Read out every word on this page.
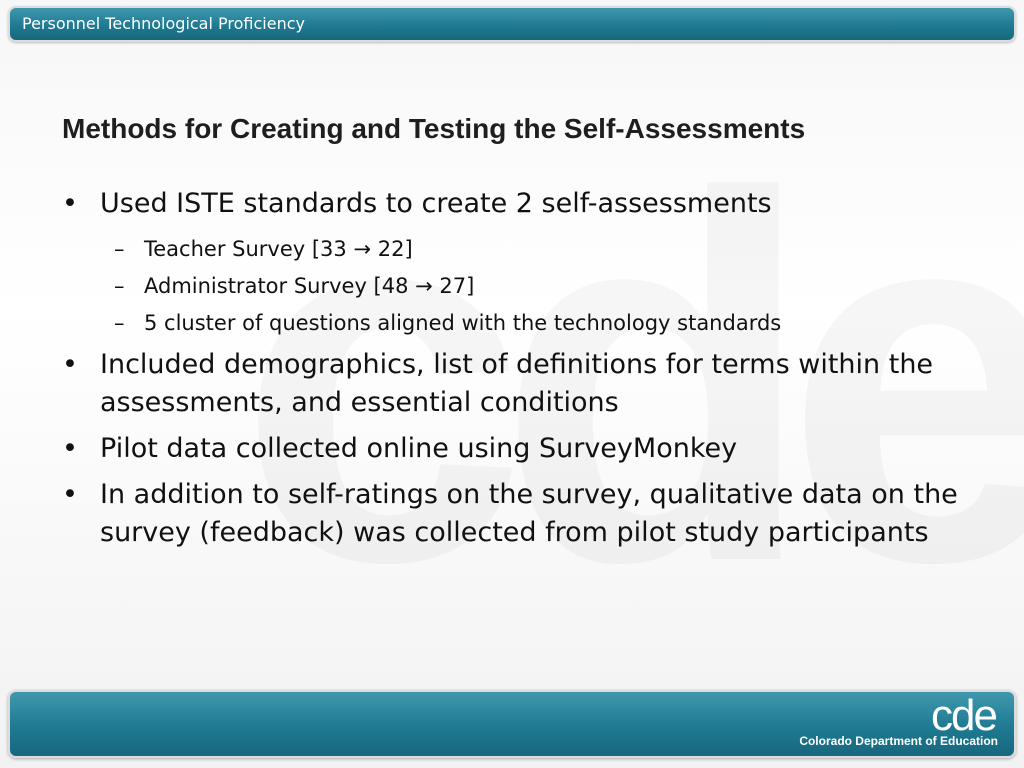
Personnel Technological Proficiency
Methods for Creating and Testing the Self-Assessments
• Used ISTE standards to create 2 self-assessments
– Teacher Survey [33 → 22]
– Administrator Survey [48 → 27]
– 5 cluster of questions aligned with the technology standards
• Included demographics, list of definitions for terms within the assessments, and essential conditions
• Pilot data collected online using SurveyMonkey
• In addition to self-ratings on the survey, qualitative data on the survey (feedback) was collected from pilot study participants
cde
Colorado Department of Education
